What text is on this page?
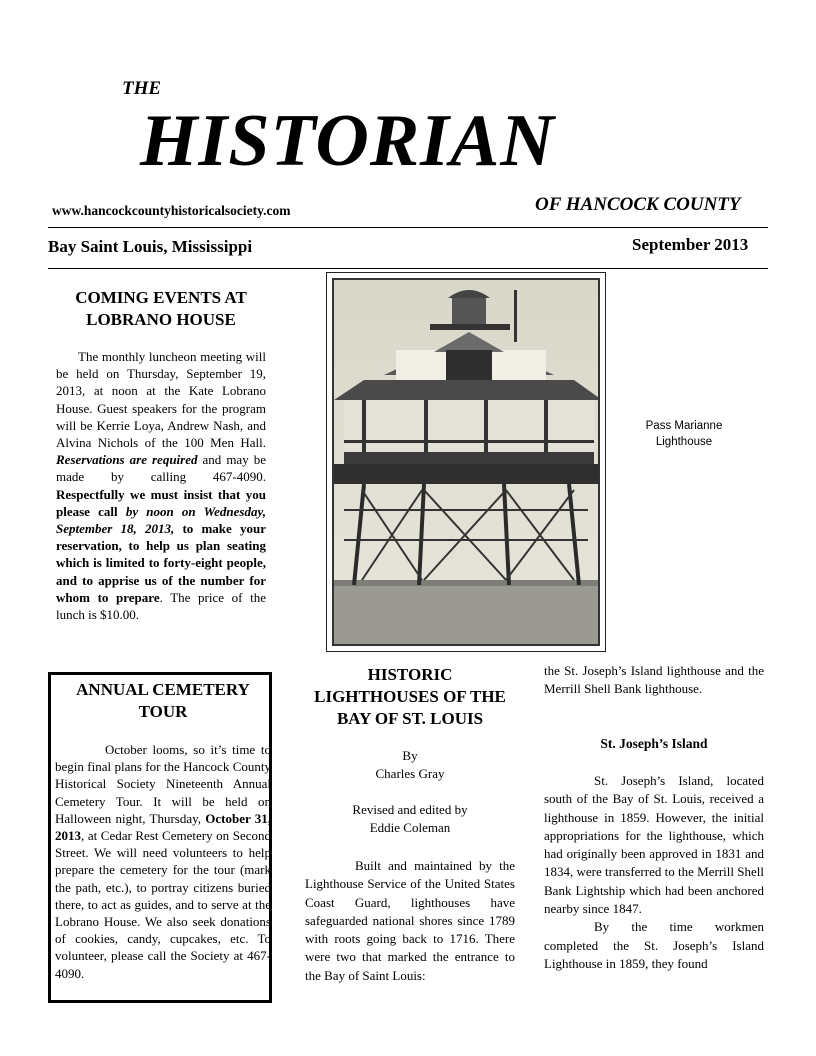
THE
HISTORIAN
www.hancockcountyhistoricalsociety.com	OF HANCOCK COUNTY
Bay Saint Louis, Mississippi	September 2013
COMING EVENTS AT LOBRANO HOUSE

The monthly luncheon meeting will be held on Thursday, September 19, 2013, at noon at the Kate Lobrano House. Guest speakers for the program will be Kerrie Loya, Andrew Nash, and Alvina Nichols of the 100 Men Hall. Reservations are required and may be made by calling 467-4090. Respectfully we must insist that you please call by noon on Wednesday, September 18, 2013, to make your reservation, to help us plan seating which is limited to forty-eight people, and to apprise us of the number for whom to prepare. The price of the lunch is $10.00.

ANNUAL CEMETERY TOUR

October looms, so it’s time to begin final plans for the Hancock County Historical Society Nineteenth Annual Cemetery Tour. It will be held on Halloween night, Thursday, October 31, 2013, at Cedar Rest Cemetery on Second Street. We will need volunteers to help prepare the cemetery for the tour (mark the path, etc.), to portray citizens buried there, to act as guides, and to serve at the Lobrano House. We also seek donations of cookies, candy, cupcakes, etc. To volunteer, please call the Society at 467-4090.

Pass Marianne
Lighthouse
HISTORIC LIGHTHOUSES OF THE BAY OF ST. LOUIS
By
Charles Gray
Revised and edited by
Eddie Coleman

Built and maintained by the Lighthouse Service of the United States Coast Guard, lighthouses have safeguarded national shores since 1789 with roots going back to 1716. There were two that marked the entrance to the Bay of Saint Louis:

the St. Joseph’s Island lighthouse and the Merrill Shell Bank lighthouse.

St. Joseph’s Island

St. Joseph’s Island, located south of the Bay of St. Louis, received a lighthouse in 1859. However, the initial appropriations for the lighthouse, which had originally been approved in 1831 and 1834, were transferred to the Merrill Shell Bank Lightship which had been anchored nearby since 1847.

By the time workmen completed the St. Joseph’s Island Lighthouse in 1859, they found
